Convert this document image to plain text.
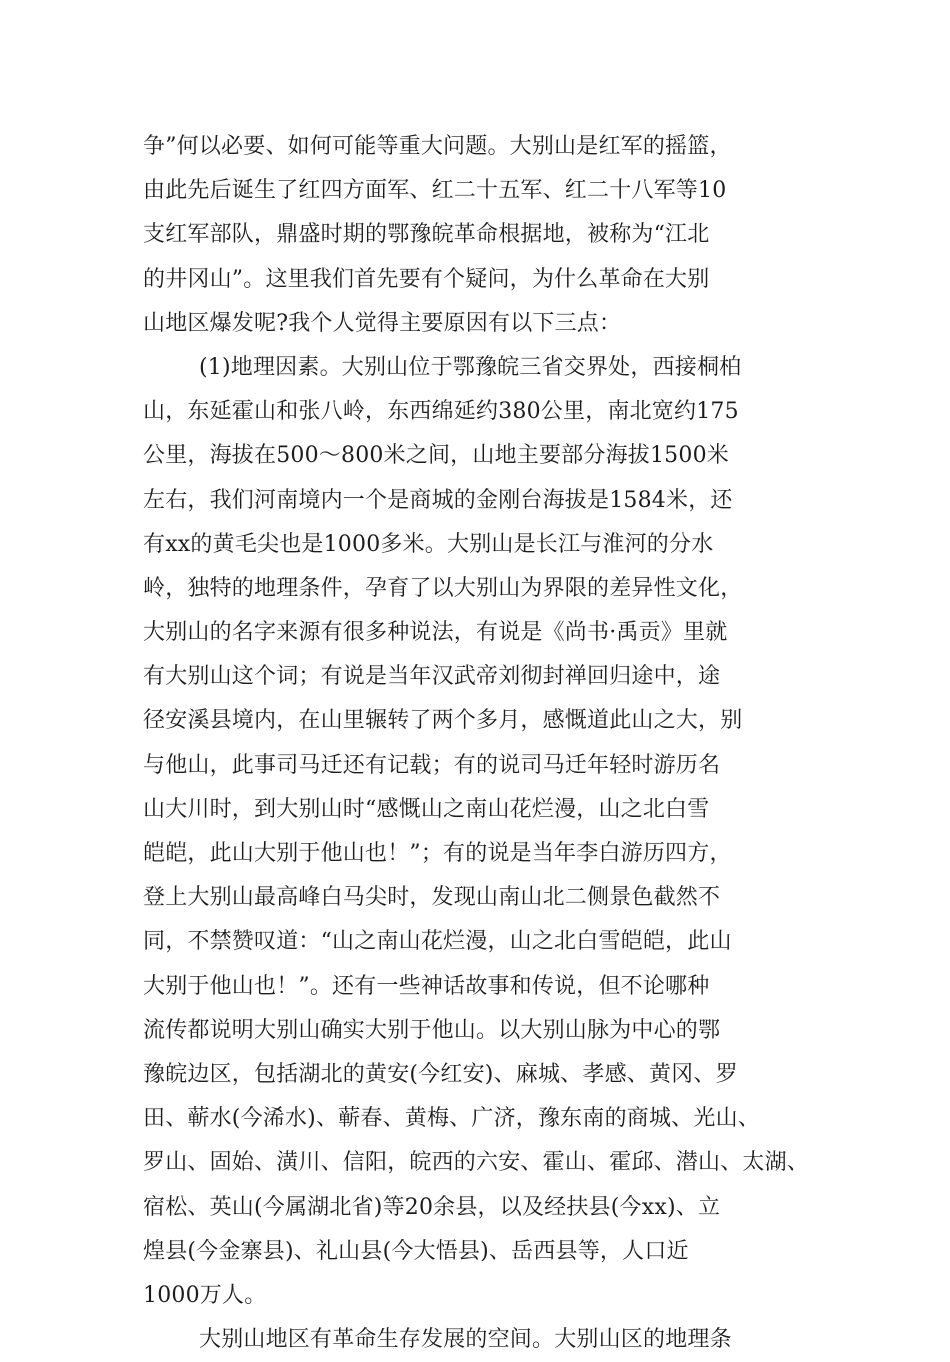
争”何以必要、如何可能等重大问题。大别山是红军的摇篮，
由此先后诞生了红四方面军、红二十五军、红二十八军等10
支红军部队，鼎盛时期的鄂豫皖革命根据地，被称为“江北
的井冈山”。这里我们首先要有个疑问，为什么革命在大别
山地区爆发呢?我个人觉得主要原因有以下三点：
(1)地理因素。大别山位于鄂豫皖三省交界处，西接桐柏
山，东延霍山和张八岭，东西绵延约380公里，南北宽约175
公里，海拔在500～800米之间，山地主要部分海拔1500米
左右，我们河南境内一个是商城的金刚台海拔是1584米，还
有xx的黄毛尖也是1000多米。大别山是长江与淮河的分水
岭，独特的地理条件，孕育了以大别山为界限的差异性文化，
大别山的名字来源有很多种说法，有说是《尚书·禹贡》里就
有大别山这个词；有说是当年汉武帝刘彻封禅回归途中，途
径安溪县境内，在山里辗转了两个多月，感慨道此山之大，别
与他山，此事司马迁还有记载；有的说司马迁年轻时游历名
山大川时，到大别山时“感慨山之南山花烂漫，山之北白雪
皑皑，此山大别于他山也！”；有的说是当年李白游历四方，
登上大别山最高峰白马尖时，发现山南山北二侧景色截然不
同，不禁赞叹道：“山之南山花烂漫，山之北白雪皑皑，此山
大别于他山也！”。还有一些神话故事和传说，但不论哪种
流传都说明大别山确实大别于他山。以大别山脉为中心的鄂
豫皖边区，包括湖北的黄安(今红安)、麻城、孝感、黄冈、罗
田、蕲水(今浠水)、蕲春、黄梅、广济，豫东南的商城、光山、
罗山、固始、潢川、信阳，皖西的六安、霍山、霍邱、潜山、太湖、
宿松、英山(今属湖北省)等20余县，以及经扶县(今xx)、立
煌县(今金寨县)、礼山县(今大悟县)、岳西县等，人口近
1000万人。
大别山地区有革命生存发展的空间。大别山区的地理条
